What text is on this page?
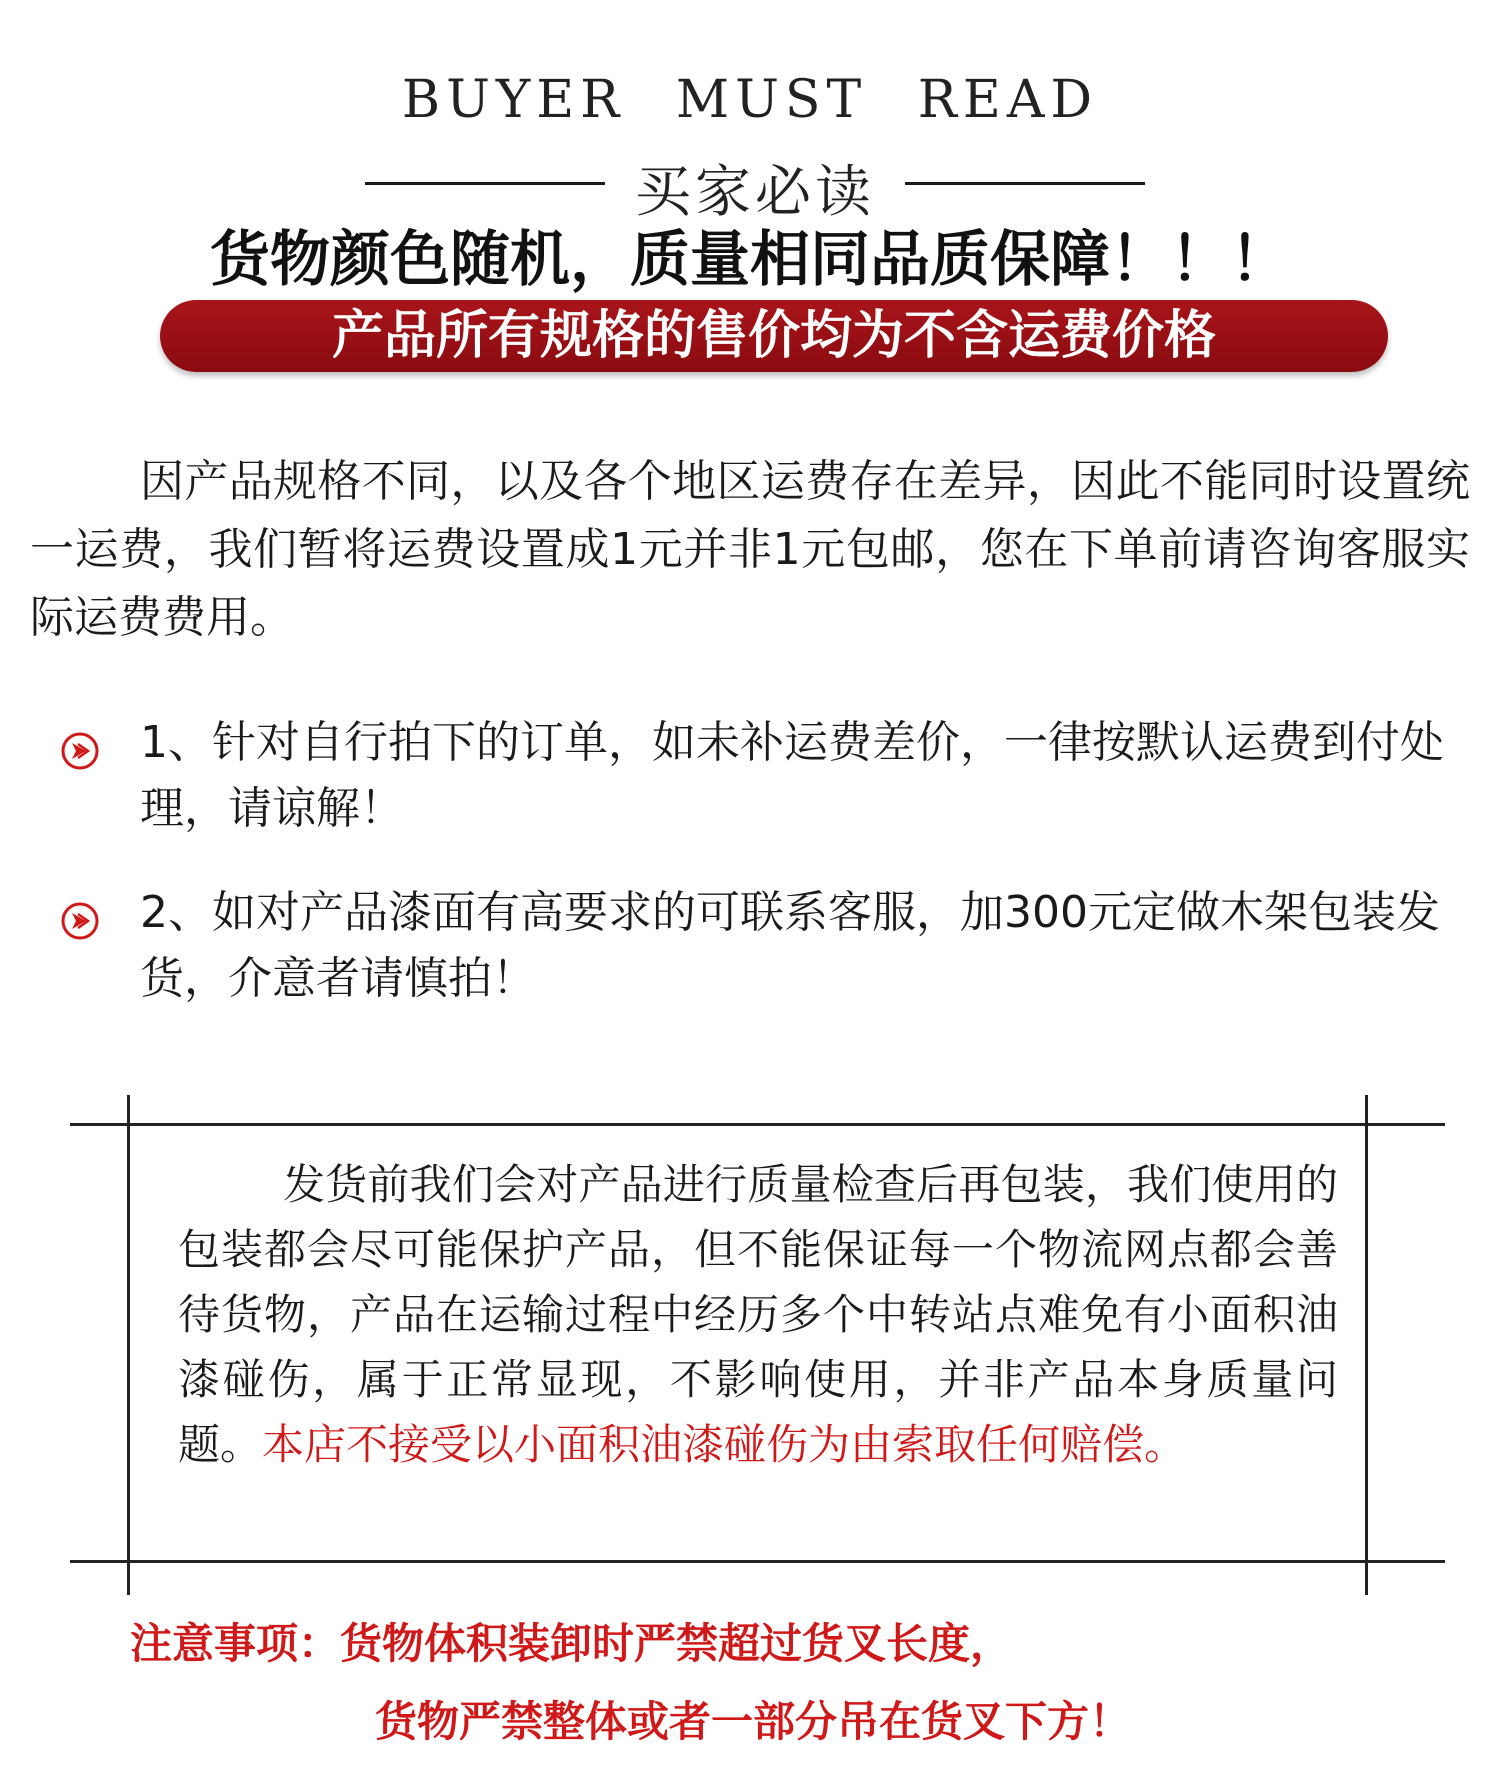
BUYER MUST READ
买家必读
货物颜色随机，质量相同品质保障！！！
产品所有规格的售价均为不含运费价格
因产品规格不同，以及各个地区运费存在差异，因此不能同时设置统一运费，我们暂将运费设置成1元并非1元包邮，您在下单前请咨询客服实际运费费用。
1、针对自行拍下的订单，如未补运费差价，一律按默认运费到付处理，请谅解！
2、如对产品漆面有高要求的可联系客服，加300元定做木架包装发货，介意者请慎拍！
发货前我们会对产品进行质量检查后再包装，我们使用的包装都会尽可能保护产品，但不能保证每一个物流网点都会善待货物，产品在运输过程中经历多个中转站点难免有小面积油漆碰伤，属于正常显现，不影响使用，并非产品本身质量问题。本店不接受以小面积油漆碰伤为由索取任何赔偿。
注意事项：货物体积装卸时严禁超过货叉长度，
货物严禁整体或者一部分吊在货叉下方！
